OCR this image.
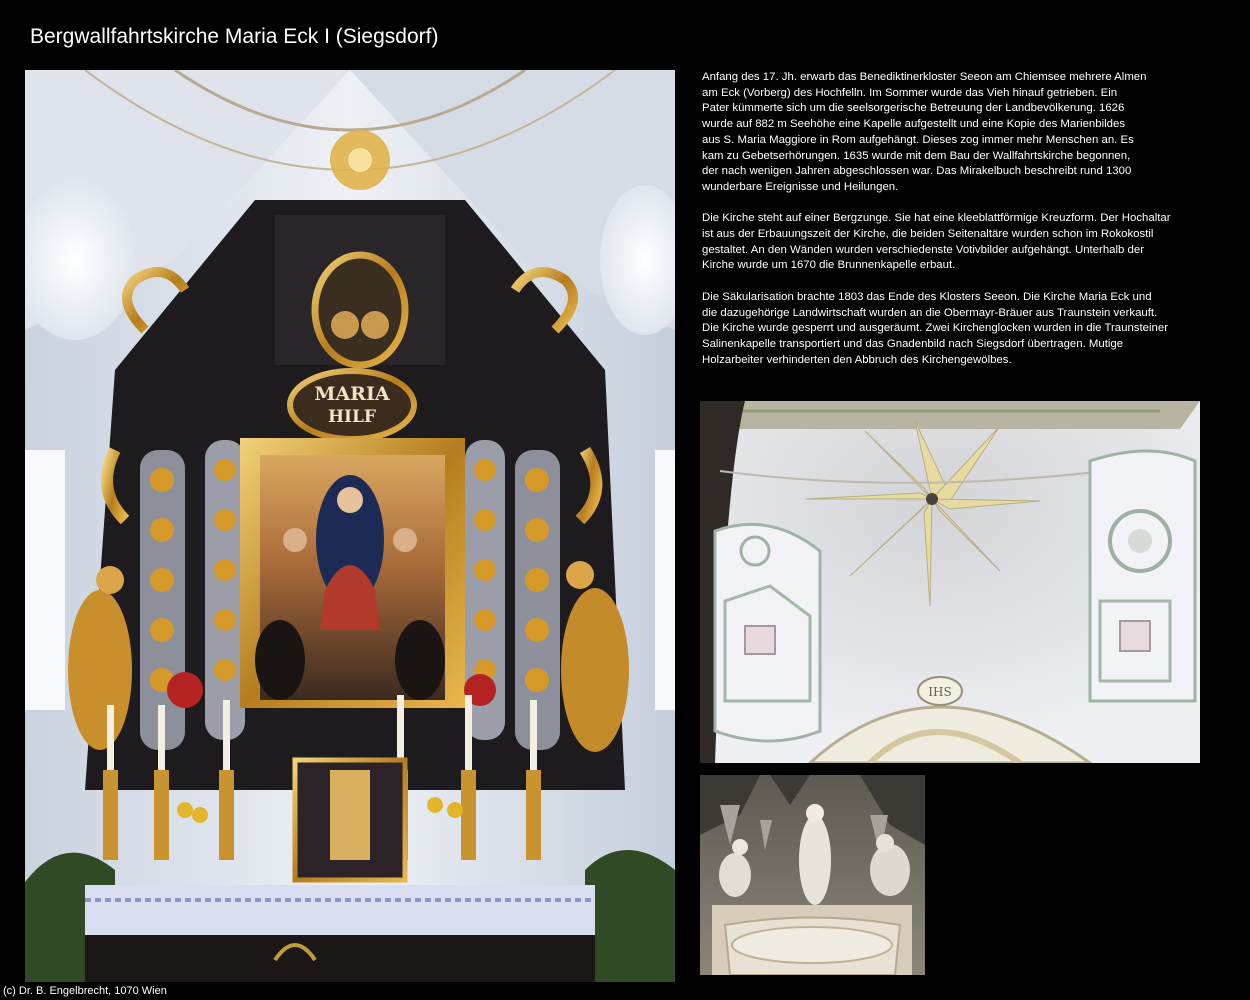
Bergwallfahrtskirche Maria Eck I (Siegsdorf)
MARIA
HILF

Anfang des 17. Jh. erwarb das Benediktinerkloster Seeon am Chiemsee mehrere Almen
am Eck (Vorberg) des Hochfelln. Im Sommer wurde das Vieh hinauf getrieben. Ein
Pater kümmerte sich um die seelsorgerische Betreuung der Landbevölkerung. 1626
wurde auf 882 m Seehöhe eine Kapelle aufgestellt und eine Kopie des Marienbildes
aus S. Maria Maggiore in Rom aufgehängt. Dieses zog immer mehr Menschen an. Es
kam zu Gebetserhörungen. 1635 wurde mit dem Bau der Wallfahrtskirche begonnen,
der nach wenigen Jahren abgeschlossen war. Das Mirakelbuch beschreibt rund 1300
wunderbare Ereignisse und Heilungen.

Die Kirche steht auf einer Bergzunge. Sie hat eine kleeblattförmige Kreuzform. Der Hochaltar
ist aus der Erbauungszeit der Kirche, die beiden Seitenaltäre wurden schon im Rokokostil
gestaltet. An den Wänden wurden verschiedenste Votivbilder aufgehängt. Unterhalb der
Kirche wurde um 1670 die Brunnenkapelle erbaut.

Die Säkularisation brachte 1803 das Ende des Klosters Seeon. Die Kirche Maria Eck und
die dazugehörige Landwirtschaft wurden an die Obermayr-Bräuer aus Traunstein verkauft.
Die Kirche wurde gesperrt und ausgeräumt. Zwei Kirchenglocken wurden in die Traunsteiner
Salinenkapelle transportiert und das Gnadenbild nach Siegsdorf übertragen. Mutige
Holzarbeiter verhinderten den Abbruch des Kirchengewölbes.

IHS
(c) Dr. B. Engelbrecht, 1070 Wien
